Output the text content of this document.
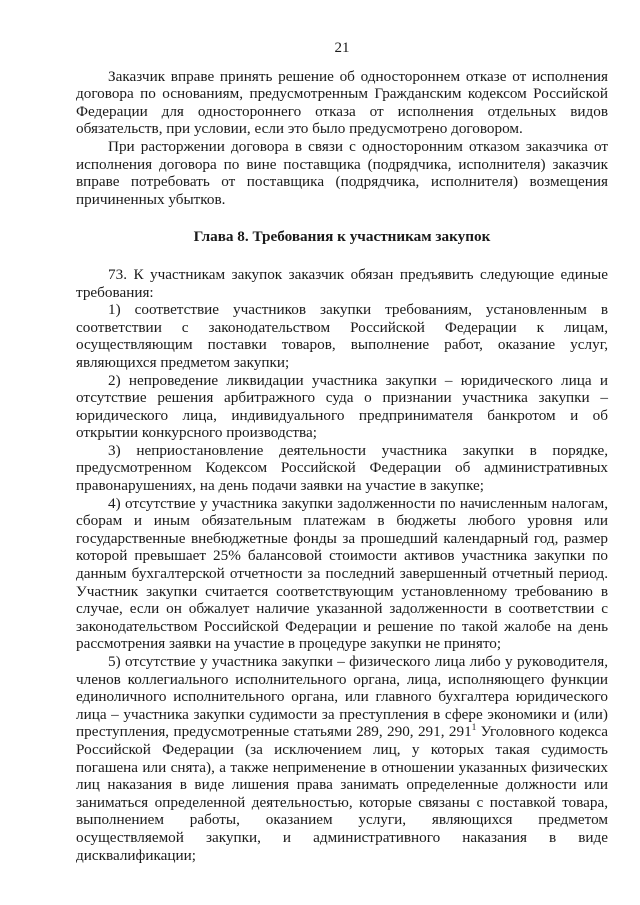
21

Заказчик вправе принять решение об одностороннем отказе от исполнения договора по основаниям, предусмотренным Гражданским кодексом Российской Федерации для одностороннего отказа от исполнения отдельных видов обязательств, при условии, если это было предусмотрено договором.

При расторжении договора в связи с односторонним отказом заказчика от исполнения договора по вине поставщика (подрядчика, исполнителя) заказчик вправе потребовать от поставщика (подрядчика, исполнителя) возмещения причиненных убытков.

Глава 8. Требования к участникам закупок

73. К участникам закупок заказчик обязан предъявить следующие единые требования:

1) соответствие участников закупки требованиям, установленным в соответствии с законодательством Российской Федерации к лицам, осуществляющим поставки товаров, выполнение работ, оказание услуг, являющихся предметом закупки;

2) непроведение ликвидации участника закупки – юридического лица и отсутствие решения арбитражного суда о признании участника закупки – юридического лица, индивидуального предпринимателя банкротом и об открытии конкурсного производства;

3) неприостановление деятельности участника закупки в порядке, предусмотренном Кодексом Российской Федерации об административных правонарушениях, на день подачи заявки на участие в закупке;

4) отсутствие у участника закупки задолженности по начисленным налогам, сборам и иным обязательным платежам в бюджеты любого уровня или государственные внебюджетные фонды за прошедший календарный год, размер которой превышает 25% балансовой стоимости активов участника закупки по данным бухгалтерской отчетности за последний завершенный отчетный период. Участник закупки считается соответствующим установленному требованию в случае, если он обжалует наличие указанной задолженности в соответствии с законодательством Российской Федерации и решение по такой жалобе на день рассмотрения заявки на участие в процедуре закупки не принято;

5) отсутствие у участника закупки – физического лица либо у руководителя, членов коллегиального исполнительного органа, лица, исполняющего функции единоличного исполнительного органа, или главного бухгалтера юридического лица – участника закупки судимости за преступления в сфере экономики и (или) преступления, предусмотренные статьями 289, 290, 291, $291^1$ Уголовного кодекса Российской Федерации (за исключением лиц, у которых такая судимость погашена или снята), а также неприменение в отношении указанных физических лиц наказания в виде лишения права занимать определенные должности или заниматься определенной деятельностью, которые связаны с поставкой товара, выполнением работы, оказанием услуги, являющихся предметом осуществляемой закупки, и административного наказания в виде дисквалификации;
